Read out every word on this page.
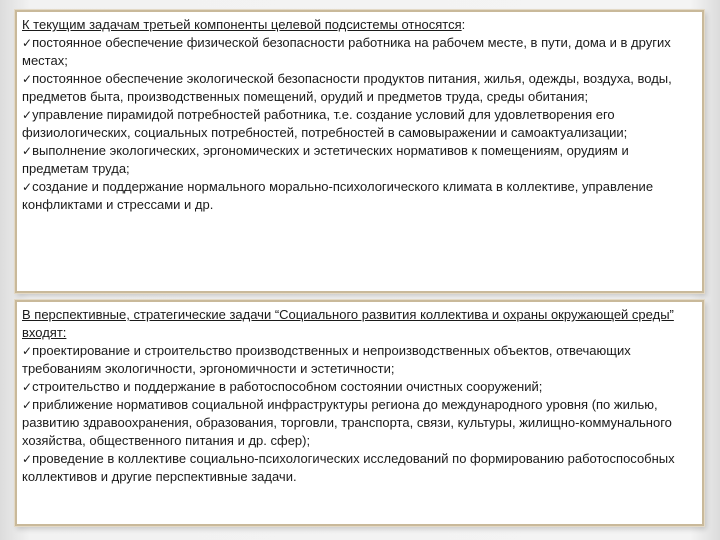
К текущим задачам третьей компоненты целевой подсистемы относятся:

✓постоянное обеспечение физической безопасности работника на рабочем месте, в пути, дома и в других местах;

✓постоянное обеспечение экологической безопасности продуктов питания, жилья, одежды, воздуха, воды, предметов быта, производственных помещений, орудий и предметов труда, среды обитания;

✓управление пирамидой потребностей работника, т.е. создание условий для удовлетворения его физиологических, социальных потребностей, потребностей в самовыражении и самоактуализации;

✓выполнение экологических, эргономических и эстетических нормативов к помещениям, орудиям и предметам труда;

✓создание и поддержание нормального морально-психологического климата в коллективе, управление конфликтами и стрессами и др.

В перспективные, стратегические задачи “Социального развития коллектива и охраны окружающей среды” входят:

✓проектирование и строительство производственных и непроизводственных объектов, отвечающих требованиям экологичности, эргономичности и эстетичности;

✓строительство и поддержание в работоспособном состоянии очистных сооружений;

✓приближение нормативов социальной инфраструктуры региона до международного уровня (по жилью, развитию здравоохранения, образования, торговли, транспорта, связи, культуры, жилищно-коммунального хозяйства, общественного питания и др. сфер);

✓проведение в коллективе социально-психологических исследований по формированию работоспособных коллективов и другие перспективные задачи.
